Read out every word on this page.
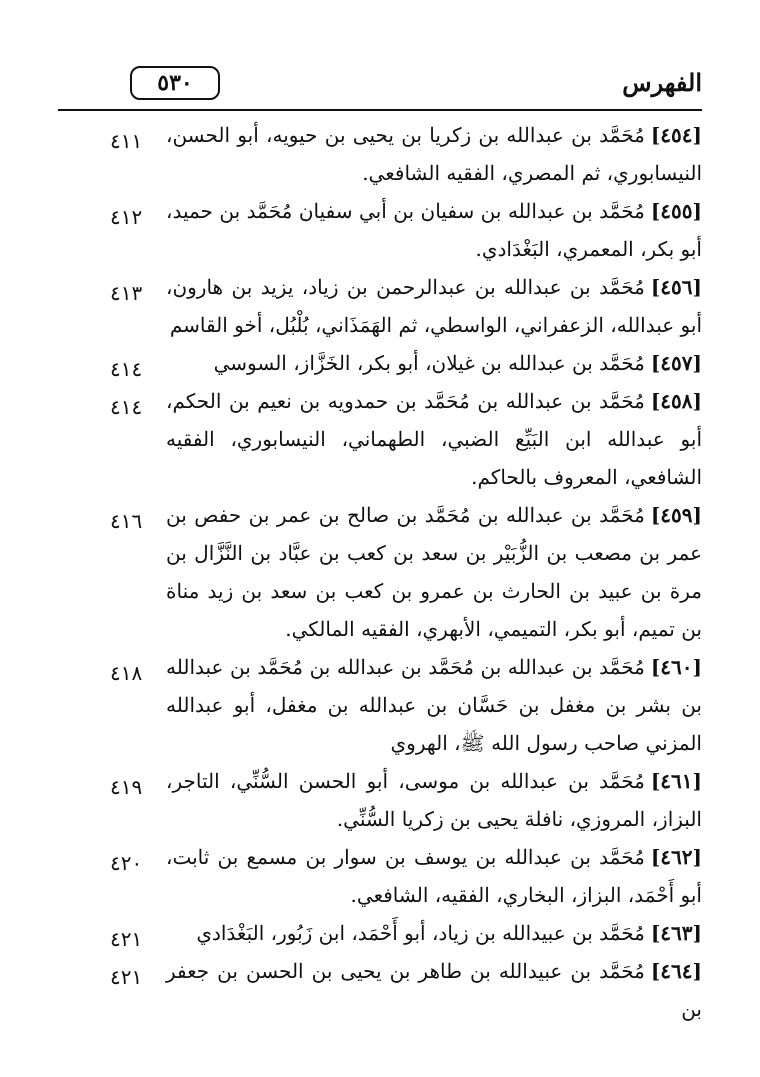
٥٣٠	الفهرس
٤١١	[٤٥٤]مُحَمَّد بن عبدالله بن زكريا بن يحيى بن حيويه، أبو الحسن، النيسابوري، ثم المصري، الفقيه الشافعي.

٤١٢	[٤٥٥]مُحَمَّد بن عبدالله بن سفيان بن أبي سفيان مُحَمَّد بن حميد، أبو بكر، المعمري، البَغْدَادي.

٤١٣	[٤٥٦]مُحَمَّد بن عبدالله بن عبدالرحمن بن زياد، يزيد بن هارون، أبو عبدالله، الزعفراني، الواسطي، ثم الهَمَذَاني، بُلْبُل، أخو القاسم

٤١٤	[٤٥٧]مُحَمَّد بن عبدالله بن غيلان، أبو بكر، الخَزَّاز، السوسي

٤١٤	[٤٥٨]مُحَمَّد بن عبدالله بن مُحَمَّد بن حمدويه بن نعيم بن الحكم، أبو عبدالله ابن البَيِّع الضبي، الطهماني، النيسابوري، الفقيه الشافعي، المعروف بالحاكم.

٤١٦	[٤٥٩]مُحَمَّد بن عبدالله بن مُحَمَّد بن صالح بن عمر بن حفص بن عمر بن مصعب بن الزُّبَيْر بن سعد بن كعب بن عبَّاد بن النَّزَّال بن مرة بن عبيد بن الحارث بن عمرو بن كعب بن سعد بن زيد مناة بن تميم، أبو بكر، التميمي، الأبهري، الفقيه المالكي.

٤١٨	[٤٦٠]مُحَمَّد بن عبدالله بن مُحَمَّد بن عبدالله بن مُحَمَّد بن عبدالله بن بشر بن مغفل بن حَسَّان بن عبدالله بن مغفل، أبو عبدالله المزني صاحب رسول الله ﷺ، الهروي

٤١٩	[٤٦١]مُحَمَّد بن عبدالله بن موسى، أبو الحسن السُّنِّي، التاجر، البزاز، المروزي، نافلة يحيى بن زكريا السُّنِّي.

٤٢٠	[٤٦٢]مُحَمَّد بن عبدالله بن يوسف بن سوار بن مسمع بن ثابت، أبو أَحْمَد، البزاز، البخاري، الفقيه، الشافعي.

٤٢١	[٤٦٣]مُحَمَّد بن عبيدالله بن زياد، أبو أَحْمَد، ابن زَبُور، البَغْدَادي

٤٢١	[٤٦٤]مُحَمَّد بن عبيدالله بن طاهر بن يحيى بن الحسن بن جعفر بن
